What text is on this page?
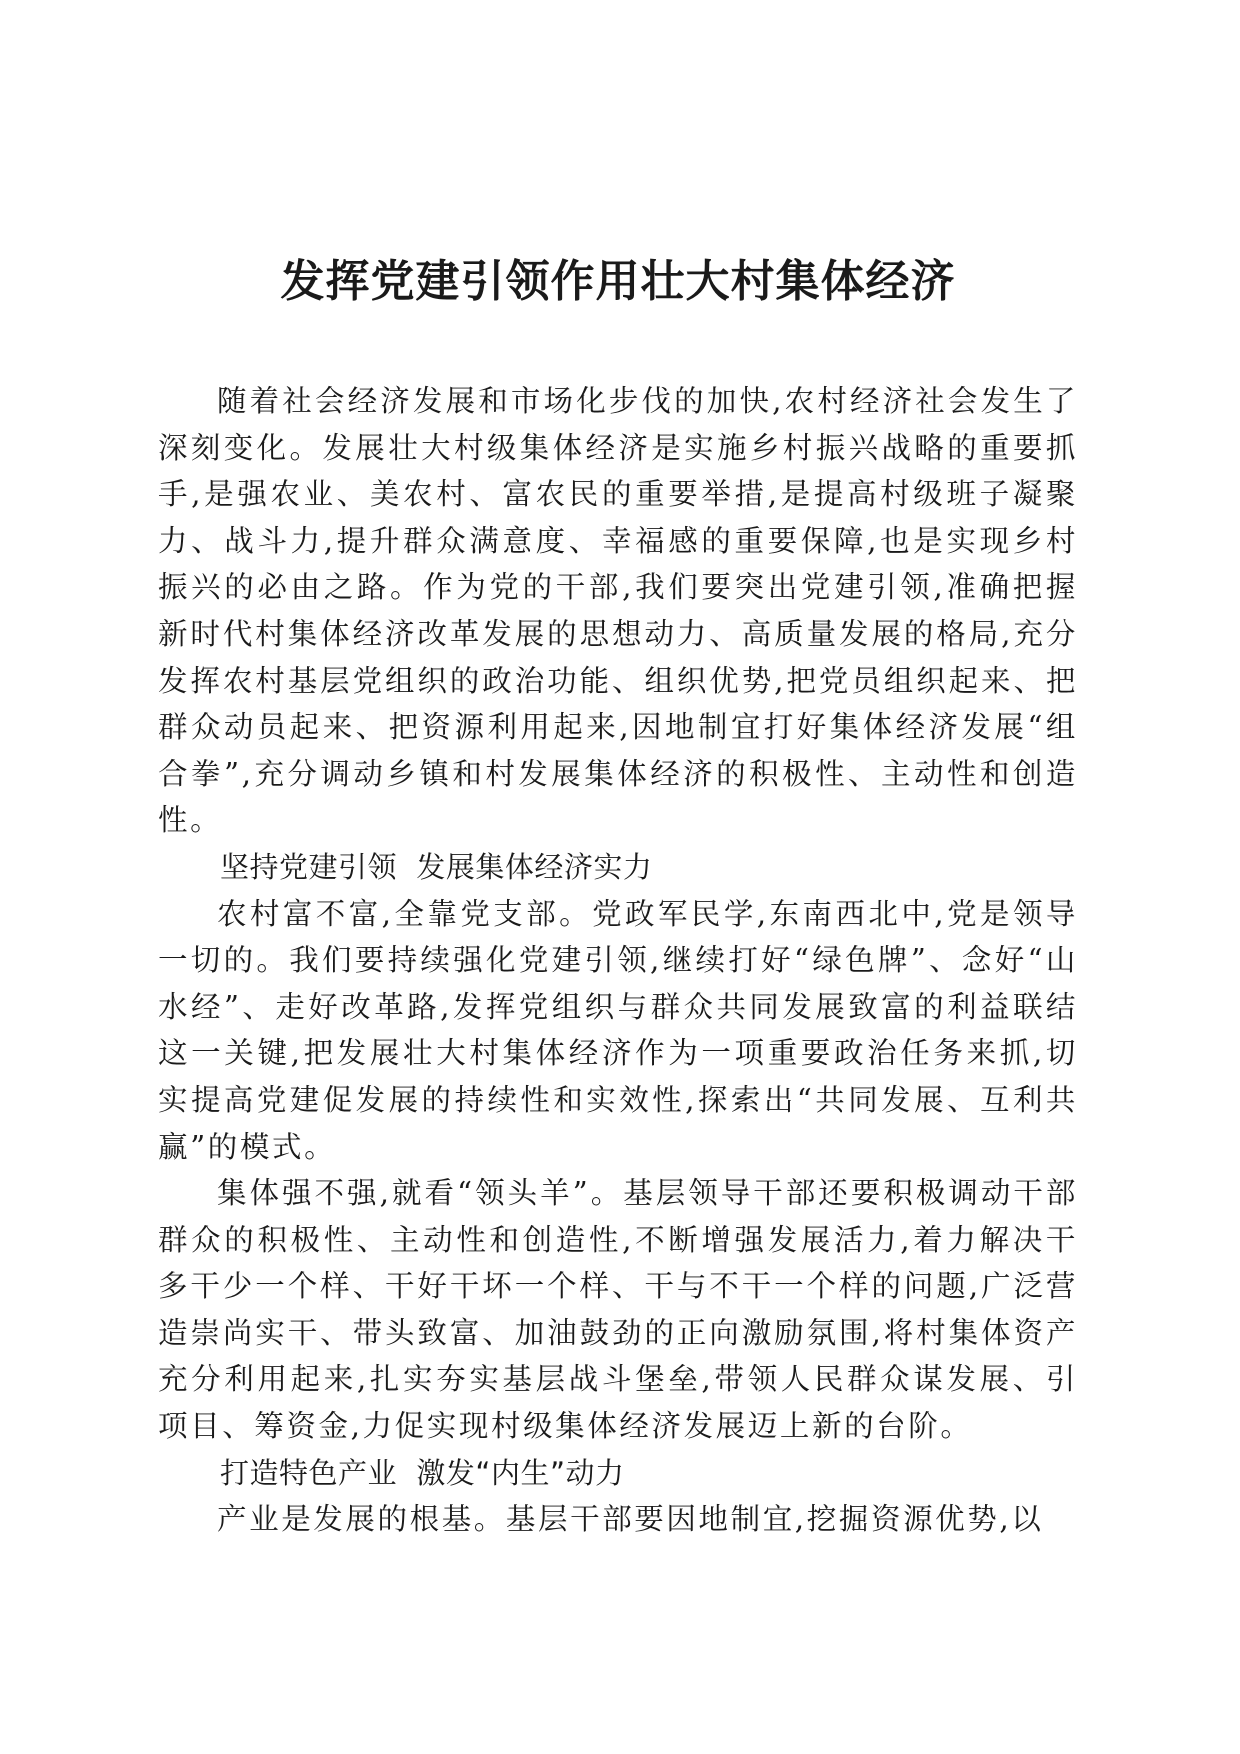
发挥党建引领作用壮大村集体经济

随着社会经济发展和市场化步伐的加快,农村经济社会发生了深刻变化。发展壮大村级集体经济是实施乡村振兴战略的重要抓手,是强农业、美农村、富农民的重要举措,是提高村级班子凝聚力、战斗力,提升群众满意度、幸福感的重要保障,也是实现乡村振兴的必由之路。作为党的干部,我们要突出党建引领,准确把握新时代村集体经济改革发展的思想动力、高质量发展的格局,充分发挥农村基层党组织的政治功能、组织优势,把党员组织起来、把群众动员起来、把资源利用起来,因地制宜打好集体经济发展“组合拳”,充分调动乡镇和村发展集体经济的积极性、主动性和创造性。

坚持党建引领  发展集体经济实力

农村富不富,全靠党支部。党政军民学,东南西北中,党是领导一切的。我们要持续强化党建引领,继续打好“绿色牌”、念好“山水经”、走好改革路,发挥党组织与群众共同发展致富的利益联结这一关键,把发展壮大村集体经济作为一项重要政治任务来抓,切实提高党建促发展的持续性和实效性,探索出“共同发展、互利共赢”的模式。

集体强不强,就看“领头羊”。基层领导干部还要积极调动干部群众的积极性、主动性和创造性,不断增强发展活力,着力解决干多干少一个样、干好干坏一个样、干与不干一个样的问题,广泛营造崇尚实干、带头致富、加油鼓劲的正向激励氛围,将村集体资产充分利用起来,扎实夯实基层战斗堡垒,带领人民群众谋发展、引项目、筹资金,力促实现村级集体经济发展迈上新的台阶。

打造特色产业  激发“内生”动力

产业是发展的根基。基层干部要因地制宜,挖掘资源优势,以
